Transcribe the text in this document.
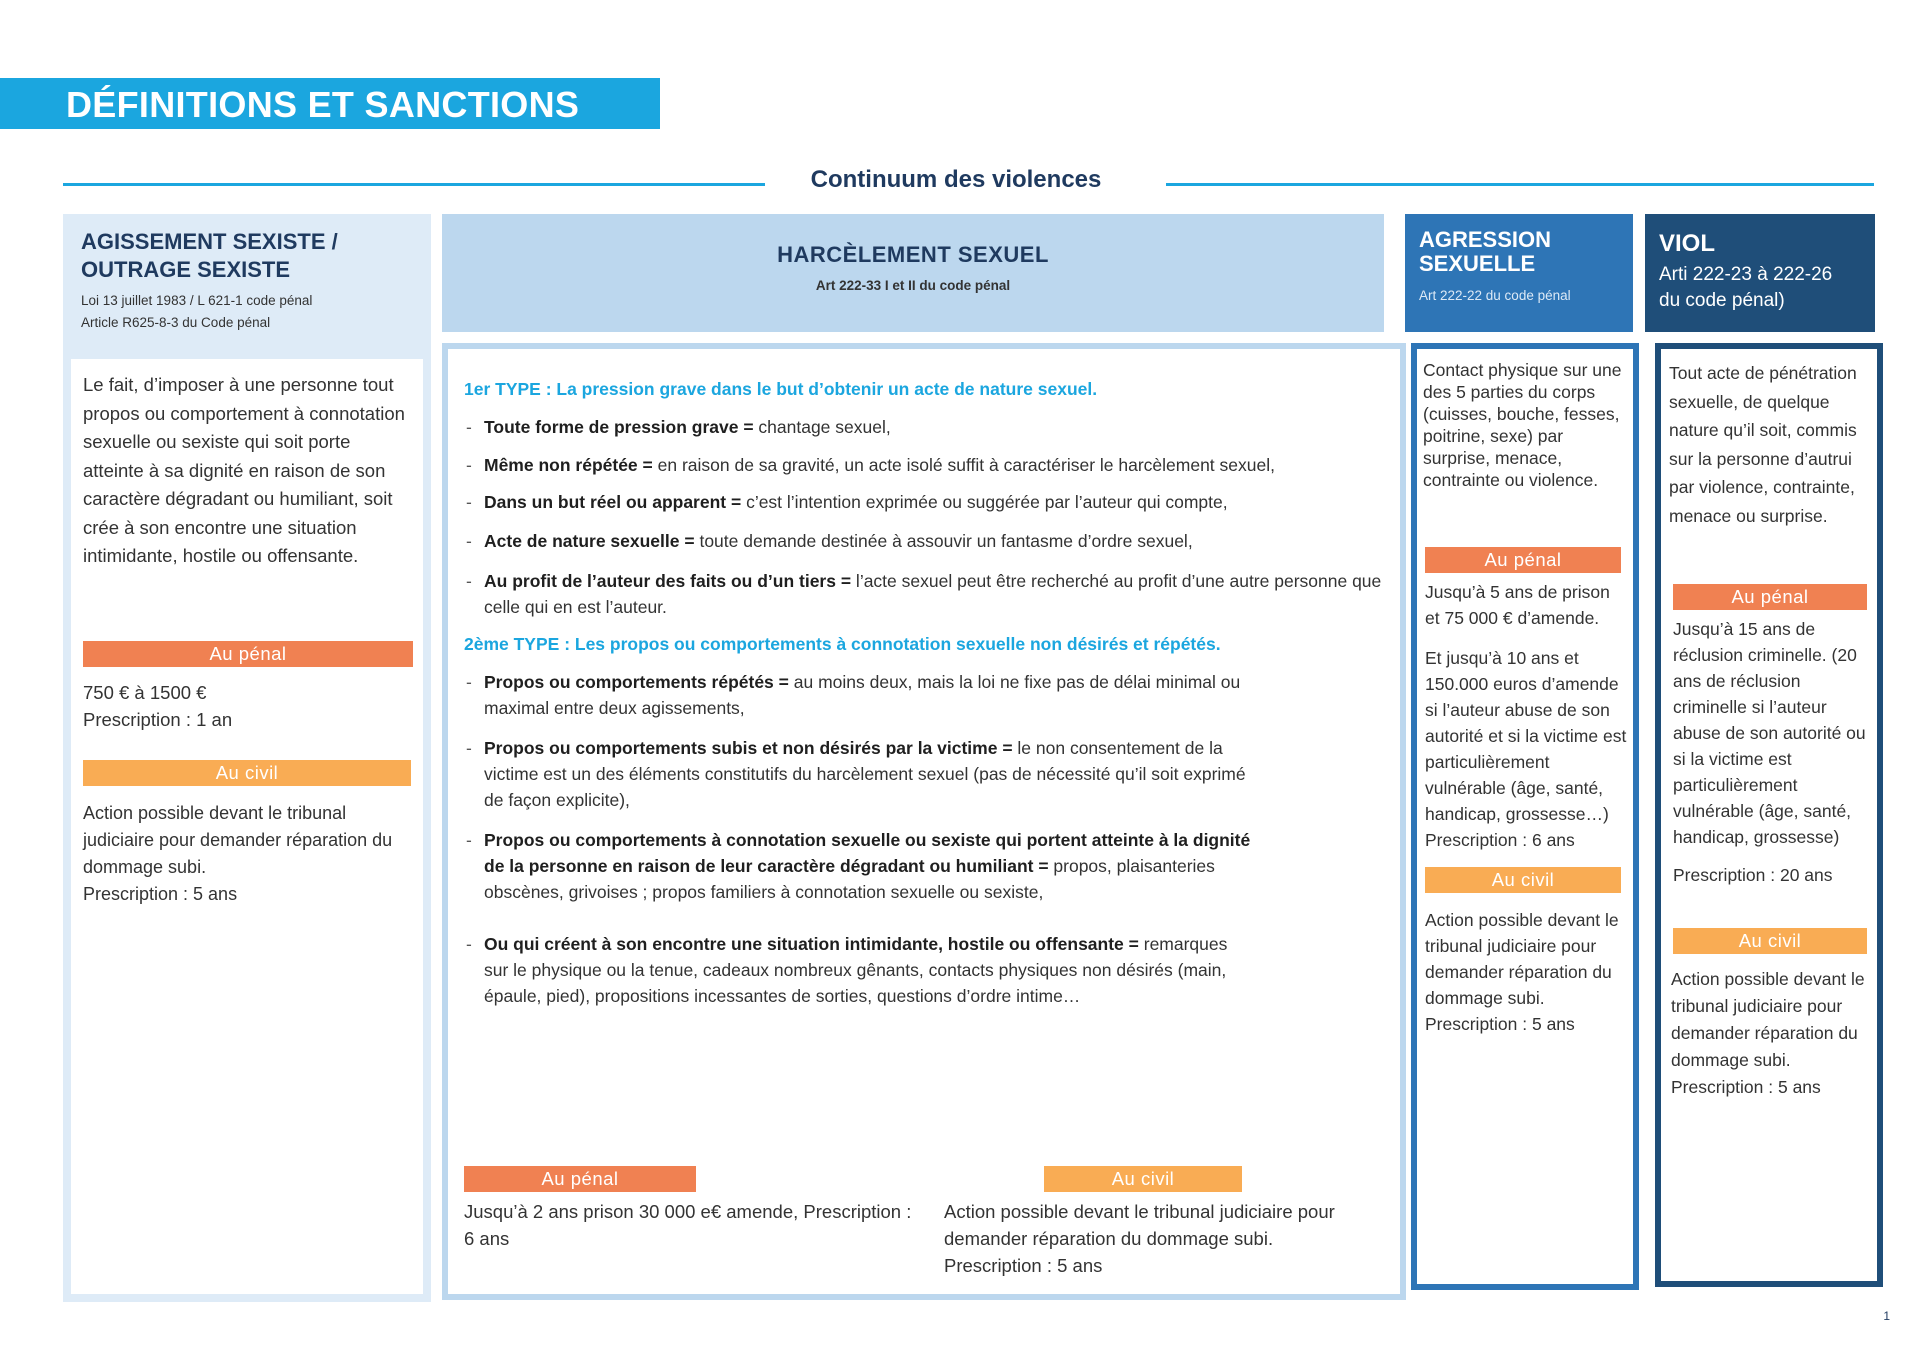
DÉFINITIONS ET SANCTIONS
Continuum des violences
AGISSEMENT SEXISTE /
OUTRAGE SEXISTE
Loi 13 juillet 1983 / L 621-1 code pénal
Article R625-8-3 du Code pénal
Le fait, d’imposer à une personne tout propos ou comportement à connotation sexuelle ou sexiste qui soit porte atteinte à sa dignité en raison de son caractère dégradant ou humiliant, soit crée à son encontre une situation intimidante, hostile ou offensante.
Au pénal
750 € à 1500 €
Prescription : 1 an
Au civil
Action possible devant le tribunal judiciaire pour demander réparation du dommage subi.
Prescription : 5 ans
HARCÈLEMENT SEXUEL
Art 222-33 I et II du code pénal
1er TYPE : La pression grave dans le but d’obtenir un acte de nature sexuel.
- Toute forme de pression grave = chantage sexuel,
- Même non répétée = en raison de sa gravité, un acte isolé suffit à caractériser le harcèlement sexuel,
- Dans un but réel ou apparent = c’est l’intention exprimée ou suggérée par l’auteur qui compte,
- Acte de nature sexuelle = toute demande destinée à assouvir un fantasme d’ordre sexuel,
- Au profit de l’auteur des faits ou d’un tiers = l’acte sexuel peut être recherché au profit d’une autre personne que celle qui en est l’auteur.
2ème TYPE : Les propos ou comportements à connotation sexuelle non désirés et répétés.
- Propos ou comportements répétés = au moins deux, mais la loi ne fixe pas de délai minimal ou maximal entre deux agissements,
- Propos ou comportements subis et non désirés par la victime = le non consentement de la victime est un des éléments constitutifs du harcèlement sexuel (pas de nécessité qu’il soit exprimé de façon explicite),
- Propos ou comportements à connotation sexuelle ou sexiste qui portent atteinte à la dignité de la personne en raison de leur caractère dégradant ou humiliant = propos, plaisanteries obscènes, grivoises ; propos familiers à connotation sexuelle ou sexiste,
- Ou qui créent à son encontre une situation intimidante, hostile ou offensante = remarques sur le physique ou la tenue, cadeaux nombreux gênants, contacts physiques non désirés (main, épaule, pied), propositions incessantes de sorties, questions d’ordre intime…
Au pénal
Jusqu’à 2 ans prison 30 000 e€ amende, Prescription : 6 ans
Au civil
Action possible devant le tribunal judiciaire pour demander réparation du dommage subi. Prescription : 5 ans
AGRESSION
SEXUELLE
Art 222-22 du code pénal
Contact physique sur une des 5 parties du corps (cuisses, bouche, fesses, poitrine, sexe) par surprise, menace, contrainte ou violence.
Au pénal
Jusqu’à 5 ans de prison et 75 000 € d’amende.
Et jusqu’à 10 ans et 150.000 euros d’amende si l’auteur abuse de son autorité et si la victime est particulièrement vulnérable (âge, santé, handicap, grossesse…)
Prescription : 6 ans
Au civil
Action possible devant le tribunal judiciaire pour demander réparation du dommage subi.
Prescription : 5 ans
VIOL
Arti 222-23 à 222-26
du code pénal)
Tout acte de pénétration sexuelle, de quelque nature qu’il soit, commis sur la personne d’autrui par violence, contrainte, menace ou surprise.
Au pénal
Jusqu’à 15 ans de réclusion criminelle. (20 ans de réclusion criminelle si l’auteur abuse de son autorité ou si la victime est particulièrement vulnérable (âge, santé, handicap, grossesse)
Prescription : 20 ans
Au civil
Action possible devant le tribunal judiciaire pour demander réparation du dommage subi.
Prescription : 5 ans
1
